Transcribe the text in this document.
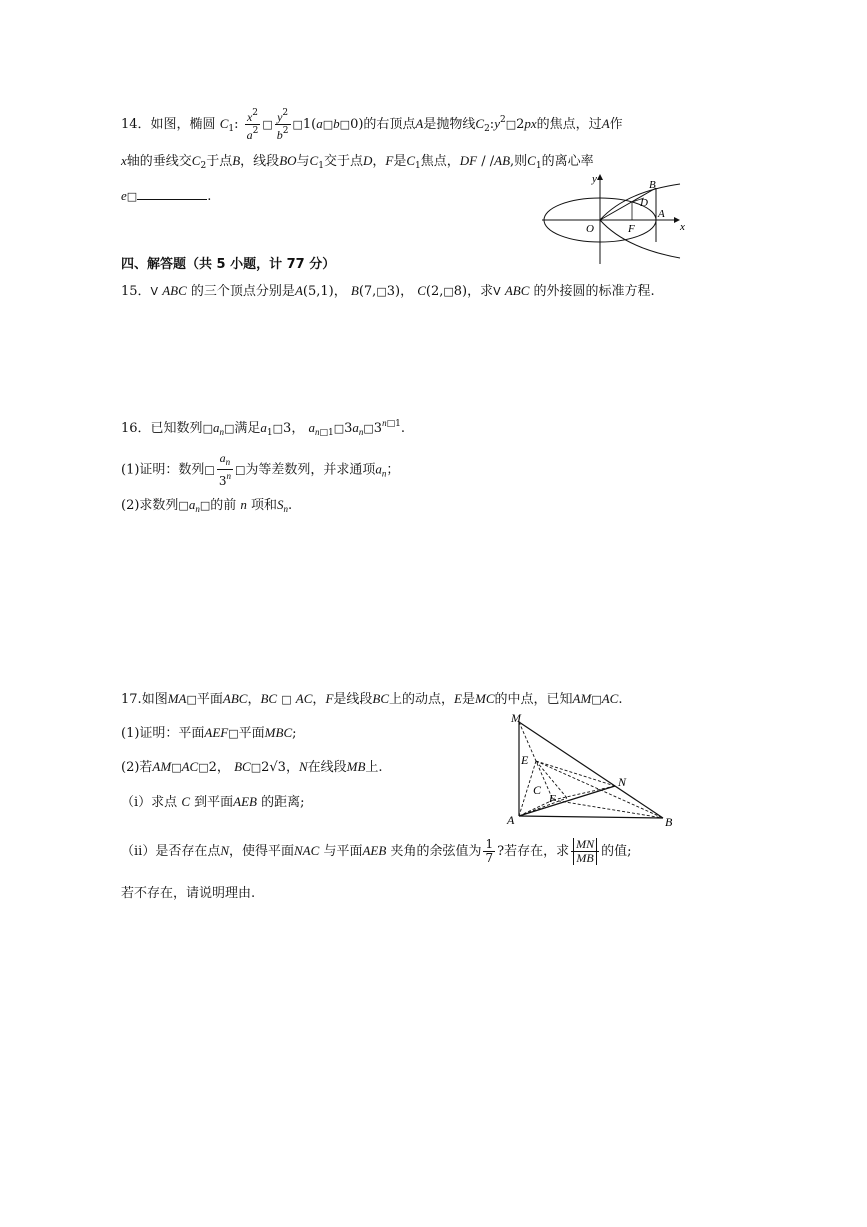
14．如图，椭圆 $C_1$: $\frac{x^2}{a^2}$ □ $\frac{y^2}{b^2}$ □1(a□b□0)的右顶点A是抛物线$C_2:y^2□2px$的焦点，过A作
x轴的垂线交$C_2$于点B，线段BO与$C_1$交于点D，F是$C_1$焦点，DF / /AB,则$C_1$的离心率
e□	.
y	B
D
A
O	F	x
四、解答题（共 5 小题，计 77 分）
15．V ABC 的三个顶点分别是A(5,1)， B(7,□3)， C(2,□8)，求V ABC 的外接圆的标准方程.
16．已知数列$□a_n□$满足$a_1□3$， $a_{n□1}□3a_n□3^{n□1}$.
(1)证明：数列□ $\frac{a_n}{3^n}$ □为等差数列，并求通项$a_n$；
(2)求数列$□a_n□$的前 n 项和$S_n$.
17.如图MA□平面ABC，BC □ AC，F是线段BC上的动点，E是MC的中点，已知AM□AC.
(1)证明：平面AEF□平面MBC;
(2)若AM□AC□2， BC□2√3，N在线段MB上.
（i）求点 C 到平面AEB 的距离;
（ii）是否存在点N，使得平面NAC 与平面AEB 夹角的余弦值为 $\frac{1}{7}$ ?若存在，求 $\frac{MN}{MB}$ 的值;
若不存在，请说明理由.
M
E
N
C
F
A	B
